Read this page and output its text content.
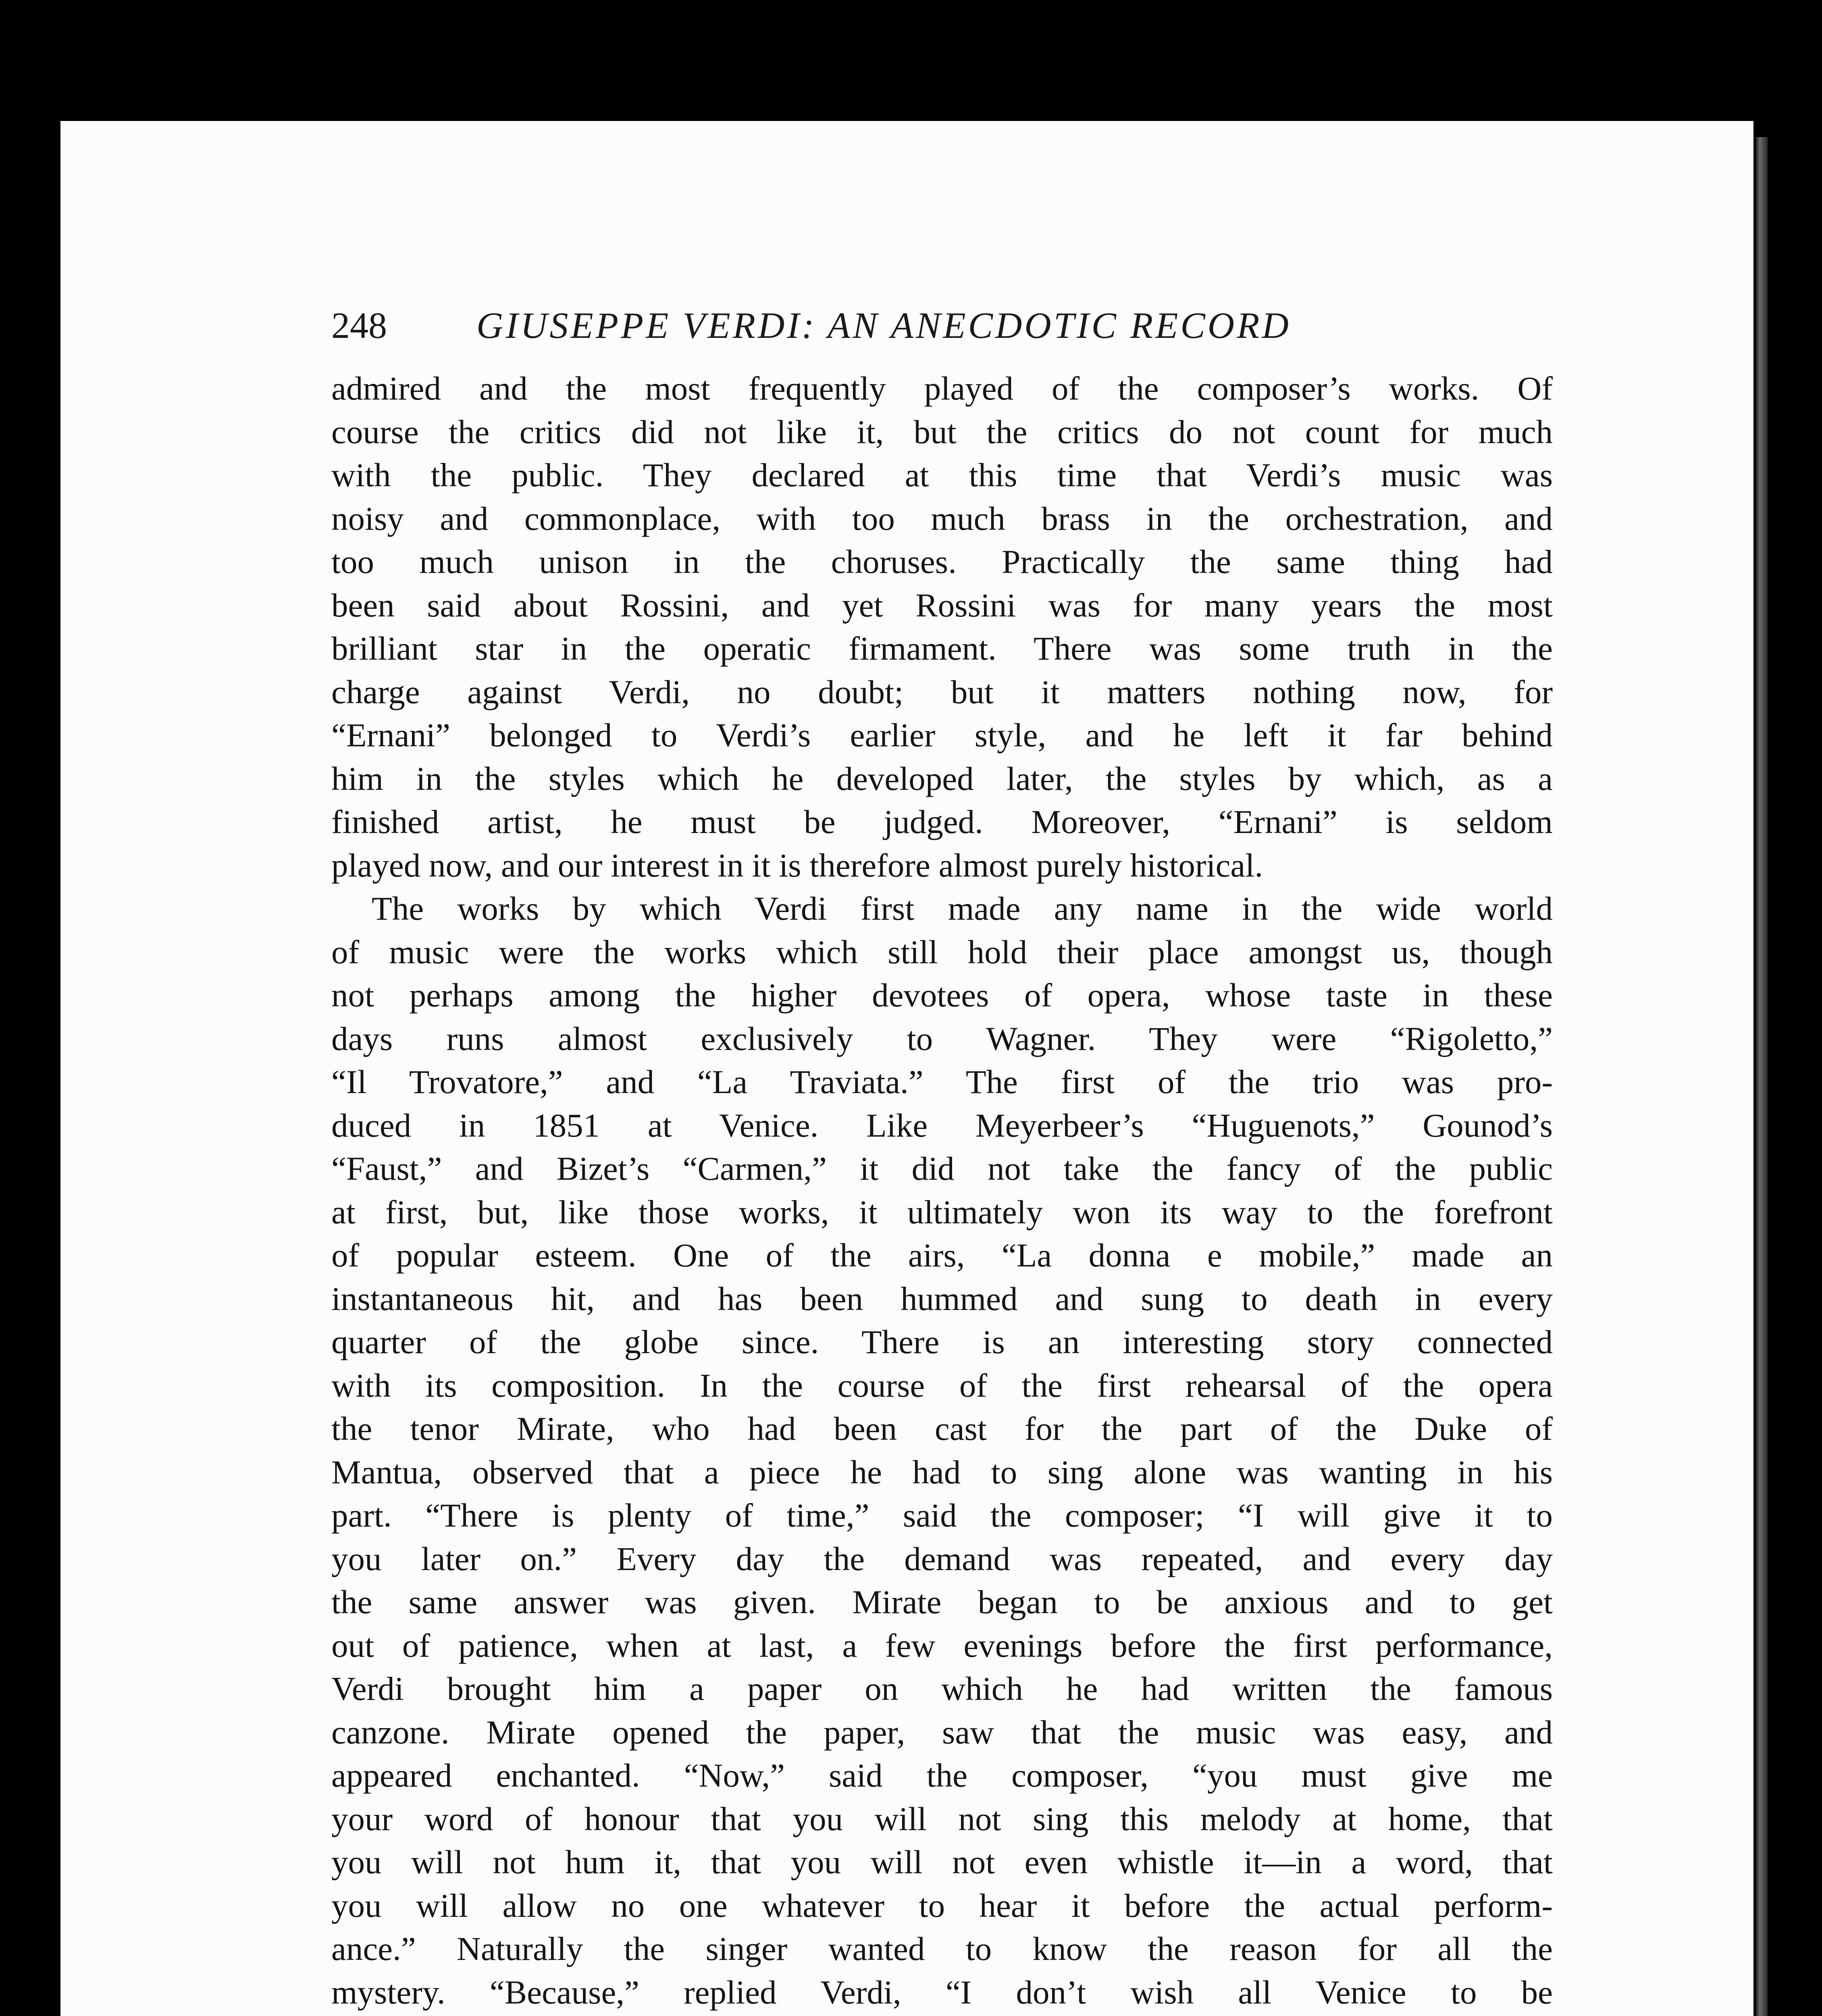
248 GIUSEPPE VERDI: AN ANECDOTIC RECORD
admired and the most frequently played of the composer’s works. Of
course the critics did not like it, but the critics do not count for much
with the public. They declared at this time that Verdi’s music was
noisy and commonplace, with too much brass in the orchestration, and
too much unison in the choruses. Practically the same thing had
been said about Rossini, and yet Rossini was for many years the most
brilliant star in the operatic firmament. There was some truth in the
charge against Verdi, no doubt; but it matters nothing now, for
“Ernani” belonged to Verdi’s earlier style, and he left it far behind
him in the styles which he developed later, the styles by which, as a
finished artist, he must be judged. Moreover, “Ernani” is seldom
played now, and our interest in it is therefore almost purely historical.
The works by which Verdi first made any name in the wide world
of music were the works which still hold their place amongst us, though
not perhaps among the higher devotees of opera, whose taste in these
days runs almost exclusively to Wagner. They were “Rigoletto,”
“Il Trovatore,” and “La Traviata.” The first of the trio was pro-
duced in 1851 at Venice. Like Meyerbeer’s “Huguenots,” Gounod’s
“Faust,” and Bizet’s “Carmen,” it did not take the fancy of the public
at first, but, like those works, it ultimately won its way to the forefront
of popular esteem. One of the airs, “La donna e mobile,” made an
instantaneous hit, and has been hummed and sung to death in every
quarter of the globe since. There is an interesting story connected
with its composition. In the course of the first rehearsal of the opera
the tenor Mirate, who had been cast for the part of the Duke of
Mantua, observed that a piece he had to sing alone was wanting in his
part. “There is plenty of time,” said the composer; “I will give it to
you later on.” Every day the demand was repeated, and every day
the same answer was given. Mirate began to be anxious and to get
out of patience, when at last, a few evenings before the first performance,
Verdi brought him a paper on which he had written the famous
canzone. Mirate opened the paper, saw that the music was easy, and
appeared enchanted. “Now,” said the composer, “you must give me
your word of honour that you will not sing this melody at home, that
you will not hum it, that you will not even whistle it—in a word, that
you will allow no one whatever to hear it before the actual perform-
ance.” Naturally the singer wanted to know the reason for all the
mystery. “Because,” replied Verdi, “I don’t wish all Venice to be
